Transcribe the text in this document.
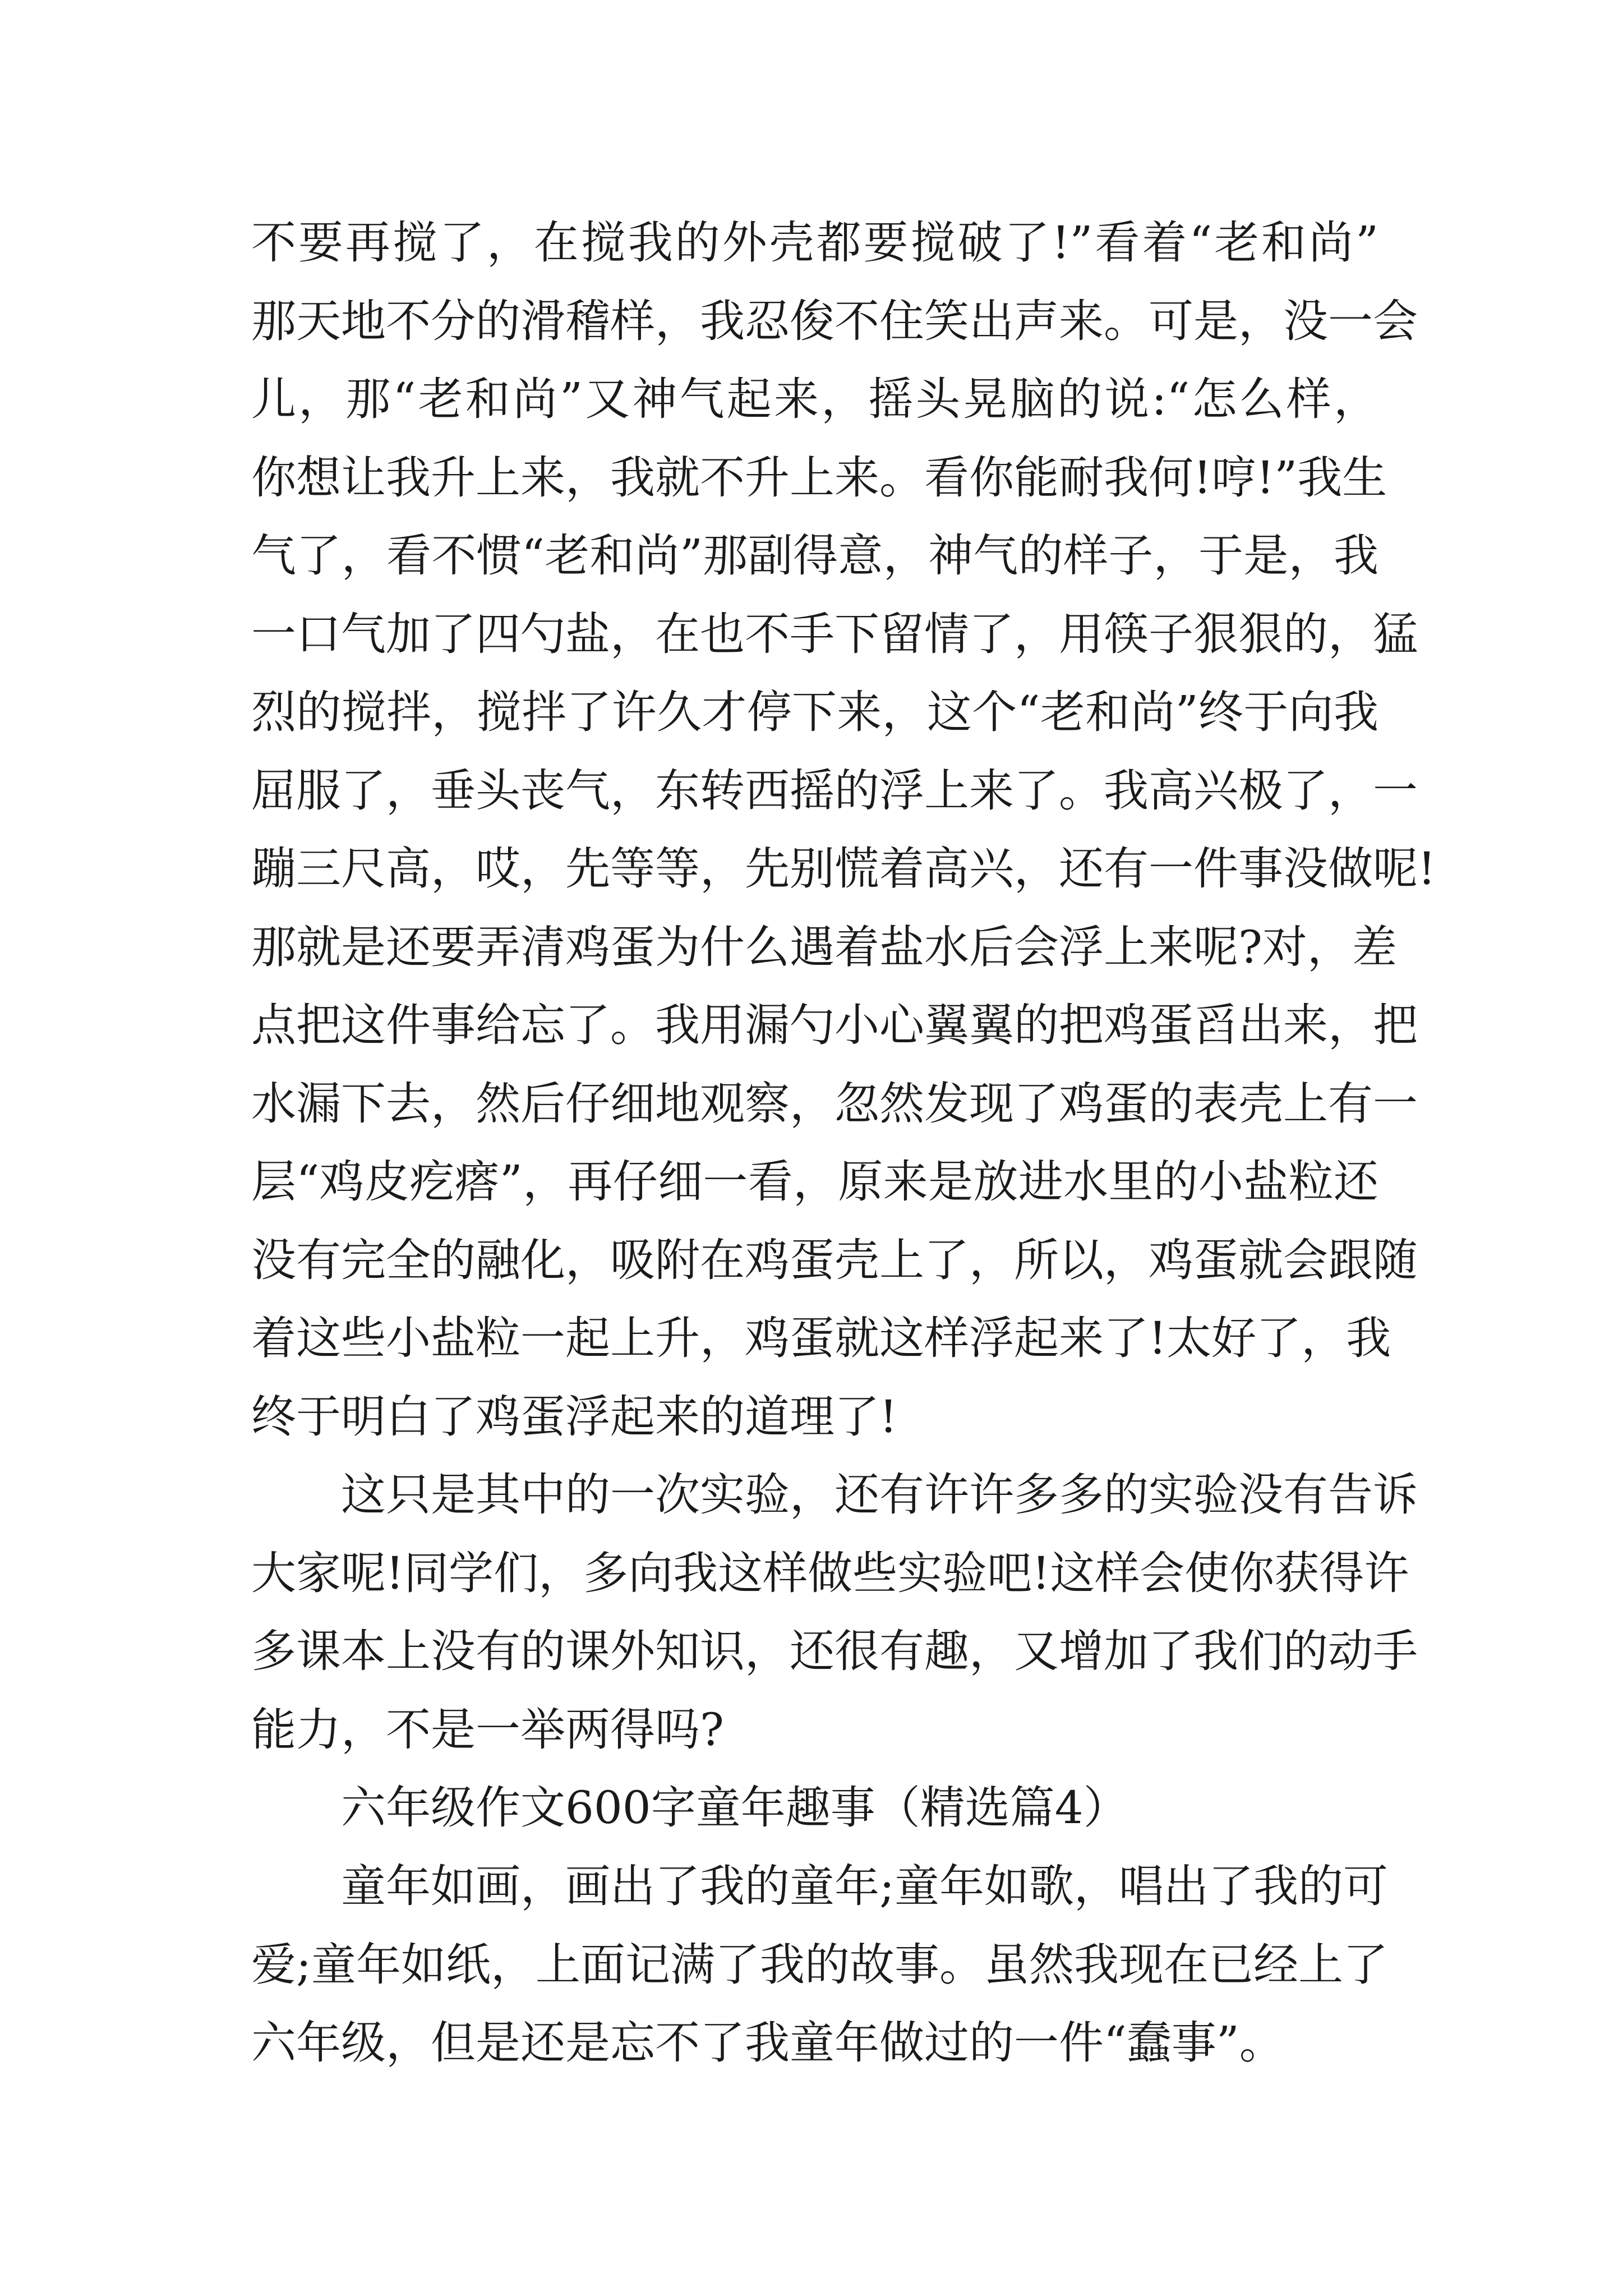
不要再搅了，在搅我的外壳都要搅破了!”看着“老和尚”
那天地不分的滑稽样，我忍俊不住笑出声来。可是，没一会
儿，那“老和尚”又神气起来，摇头晃脑的说:“怎么样，
你想让我升上来，我就不升上来。看你能耐我何!哼!”我生
气了，看不惯“老和尚”那副得意，神气的样子，于是，我
一口气加了四勺盐，在也不手下留情了，用筷子狠狠的，猛
烈的搅拌，搅拌了许久才停下来，这个“老和尚”终于向我
屈服了，垂头丧气，东转西摇的浮上来了。我高兴极了，一
蹦三尺高，哎，先等等，先别慌着高兴，还有一件事没做呢!
那就是还要弄清鸡蛋为什么遇着盐水后会浮上来呢?对，差
点把这件事给忘了。我用漏勺小心翼翼的把鸡蛋舀出来，把
水漏下去，然后仔细地观察，忽然发现了鸡蛋的表壳上有一
层“鸡皮疙瘩”，再仔细一看，原来是放进水里的小盐粒还
没有完全的融化，吸附在鸡蛋壳上了，所以，鸡蛋就会跟随
着这些小盐粒一起上升，鸡蛋就这样浮起来了!太好了，我
终于明白了鸡蛋浮起来的道理了!
这只是其中的一次实验，还有许许多多的实验没有告诉
大家呢!同学们，多向我这样做些实验吧!这样会使你获得许
多课本上没有的课外知识，还很有趣，又增加了我们的动手
能力，不是一举两得吗?
六年级作文600字童年趣事（精选篇4）
童年如画，画出了我的童年;童年如歌，唱出了我的可
爱;童年如纸，上面记满了我的故事。虽然我现在已经上了
六年级，但是还是忘不了我童年做过的一件“蠢事”。
